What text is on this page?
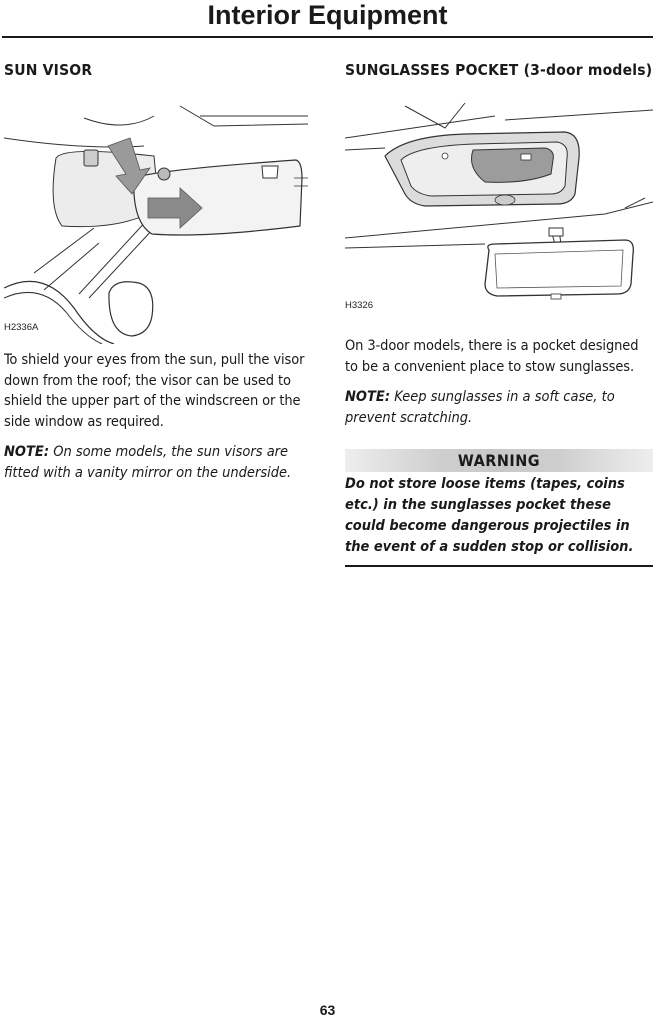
Interior Equipment
SUN VISOR
H2336A
To shield your eyes from the sun, pull the visor down from the roof; the visor can be used to shield the upper part of the windscreen or the side window as required.
NOTE: On some models, the sun visors are fitted with a vanity mirror on the underside.
SUNGLASSES POCKET (3-door models)
H3326
On 3-door models, there is a pocket designed to be a convenient place to stow sunglasses.
NOTE: Keep sunglasses in a soft case, to prevent scratching.
WARNING
Do not store loose items (tapes, coins etc.) in the sunglasses pocket these could become dangerous projectiles in the event of a sudden stop or collision.
63
